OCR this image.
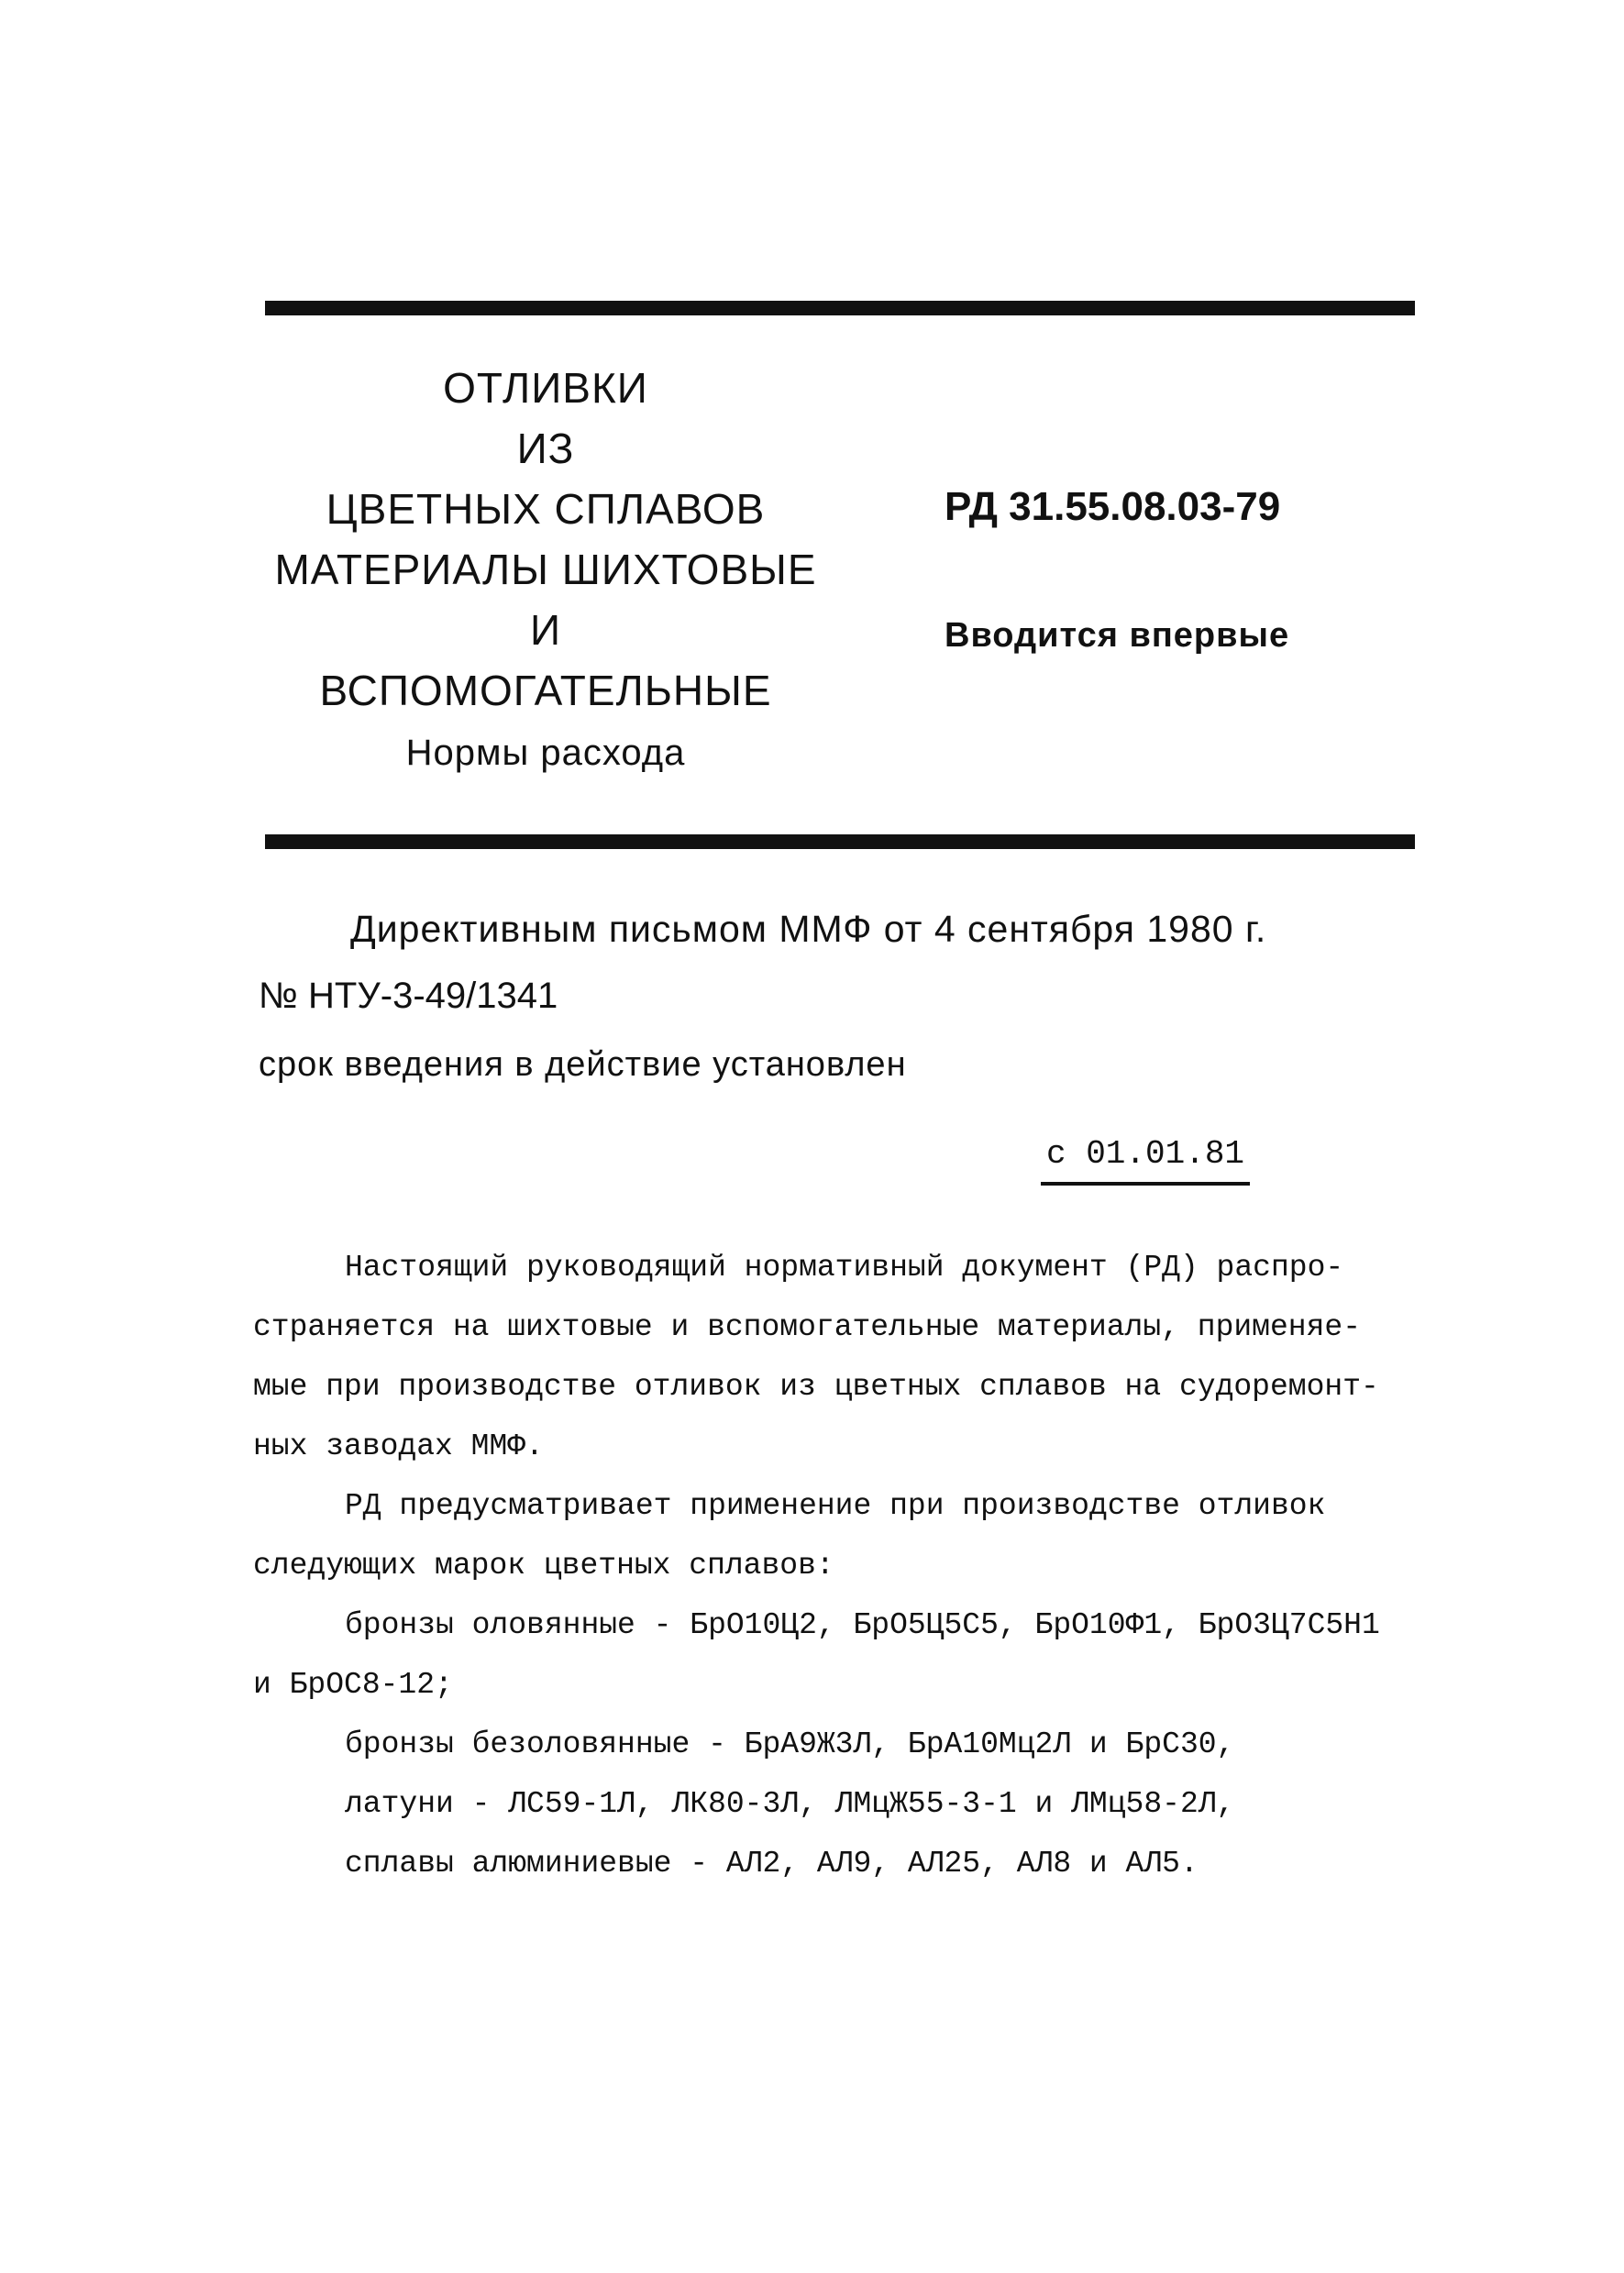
ОТЛИВКИ
ИЗ
ЦВЕТНЫХ СПЛАВОВ
МАТЕРИАЛЫ ШИХТОВЫЕ
И
ВСПОМОГАТЕЛЬНЫЕ
Нормы расхода
РД 31.55.08.03-79
Вводится впервые
Директивным письмом ММФ от 4 сентября 1980 г.
№ НТУ-3-49/1341
срок введения в действие установлен
с 01.01.81
Настоящий руководящий нормативный документ (РД) распро-
страняется на шихтовые и вспомогательные материалы, применяе-
мые при производстве отливок из цветных сплавов на судоремонт-
ных заводах ММФ.
РД предусматривает применение при производстве отливок
следующих марок цветных сплавов:
бронзы оловянные - БрО10Ц2, БрО5Ц5С5, БрО10Ф1, БрО3Ц7С5Н1
и БрОС8-12;
бронзы безоловянные - БрА9Ж3Л, БрА10Мц2Л и БрС30,
латуни - ЛС59-1Л, ЛК80-3Л, ЛМцЖ55-3-1 и ЛМц58-2Л,
сплавы алюминиевые - АЛ2, АЛ9, АЛ25, АЛ8 и АЛ5.
